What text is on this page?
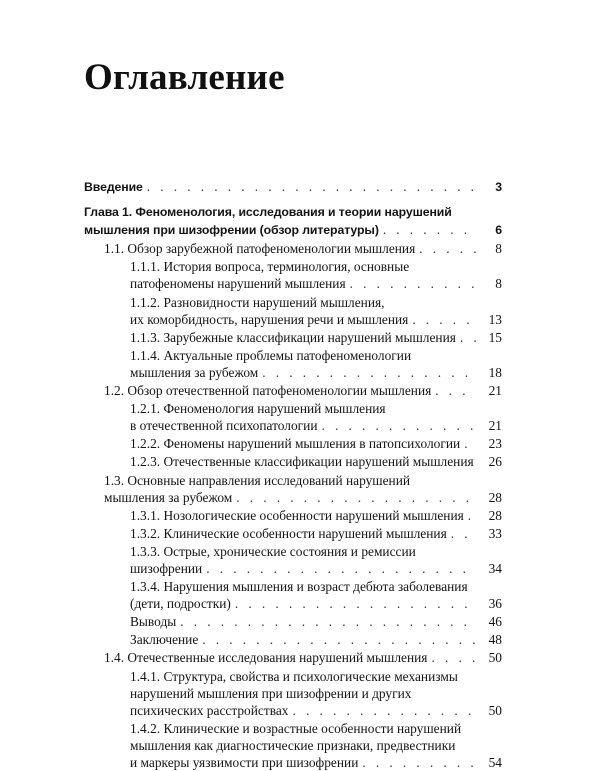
Оглавление
Введение . . .	3
Глава 1. Феноменология, исследования и теории нарушений
мышления при шизофрении (обзор литературы) . . .	6
1.1. Обзор зарубежной патофеноменологии мышления . . .	8
1.1.1. История вопроса, терминология, основные
патофеномены нарушений мышления . . .	8
1.1.2. Разновидности нарушений мышления,
их коморбидность, нарушения речи и мышления . . .	13
1.1.3. Зарубежные классификации нарушений мышления . . .	15
1.1.4. Актуальные проблемы патофеноменологии
мышления за рубежом . . .	18
1.2. Обзор отечественной патофеноменологии мышления . . .	21
1.2.1. Феноменология нарушений мышления
в отечественной психопатологии . . .	21
1.2.2. Феномены нарушений мышления в патопсихологии . . .	23
1.2.3. Отечественные классификации нарушений мышления	26
1.3. Основные направления исследований нарушений
мышления за рубежом . . .	28
1.3.1. Нозологические особенности нарушений мышления . . .	28
1.3.2. Клинические особенности нарушений мышления . . .	33
1.3.3. Острые, хронические состояния и ремиссии
шизофрении . . .	34
1.3.4. Нарушения мышления и возраст дебюта заболевания
(дети, подростки) . . .	36
Выводы . . .	46
Заключение . . .	48
1.4. Отечественные исследования нарушений мышления . . .	50
1.4.1. Структура, свойства и психологические механизмы
нарушений мышления при шизофрении и других
психических расстройствах . . .	50
1.4.2. Клинические и возрастные особенности нарушений
мышления как диагностические признаки, предвестники
и маркеры уязвимости при шизофрении . . .	54
